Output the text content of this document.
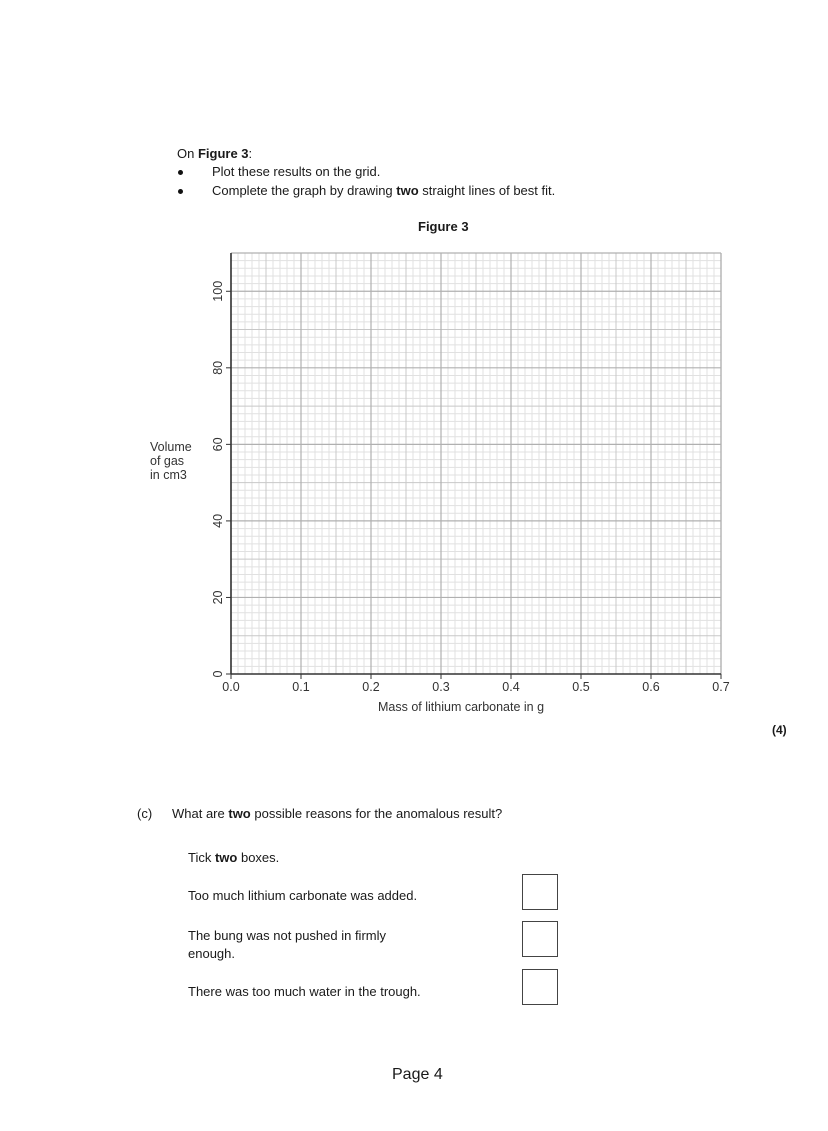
On Figure 3:
Plot these results on the grid.
Complete the graph by drawing two straight lines of best fit.
Figure 3
0
20
40
60
80
100
0.0	0.1	0.2	0.3	0.4	0.5	0.6	0.7
Volume
of gas
in cm3
Mass of lithium carbonate in g
(4)
(c) What are two possible reasons for the anomalous result?
Tick two boxes.
Too much lithium carbonate was added.
The bung was not pushed in firmly
enough.
There was too much water in the trough.
Page 4
